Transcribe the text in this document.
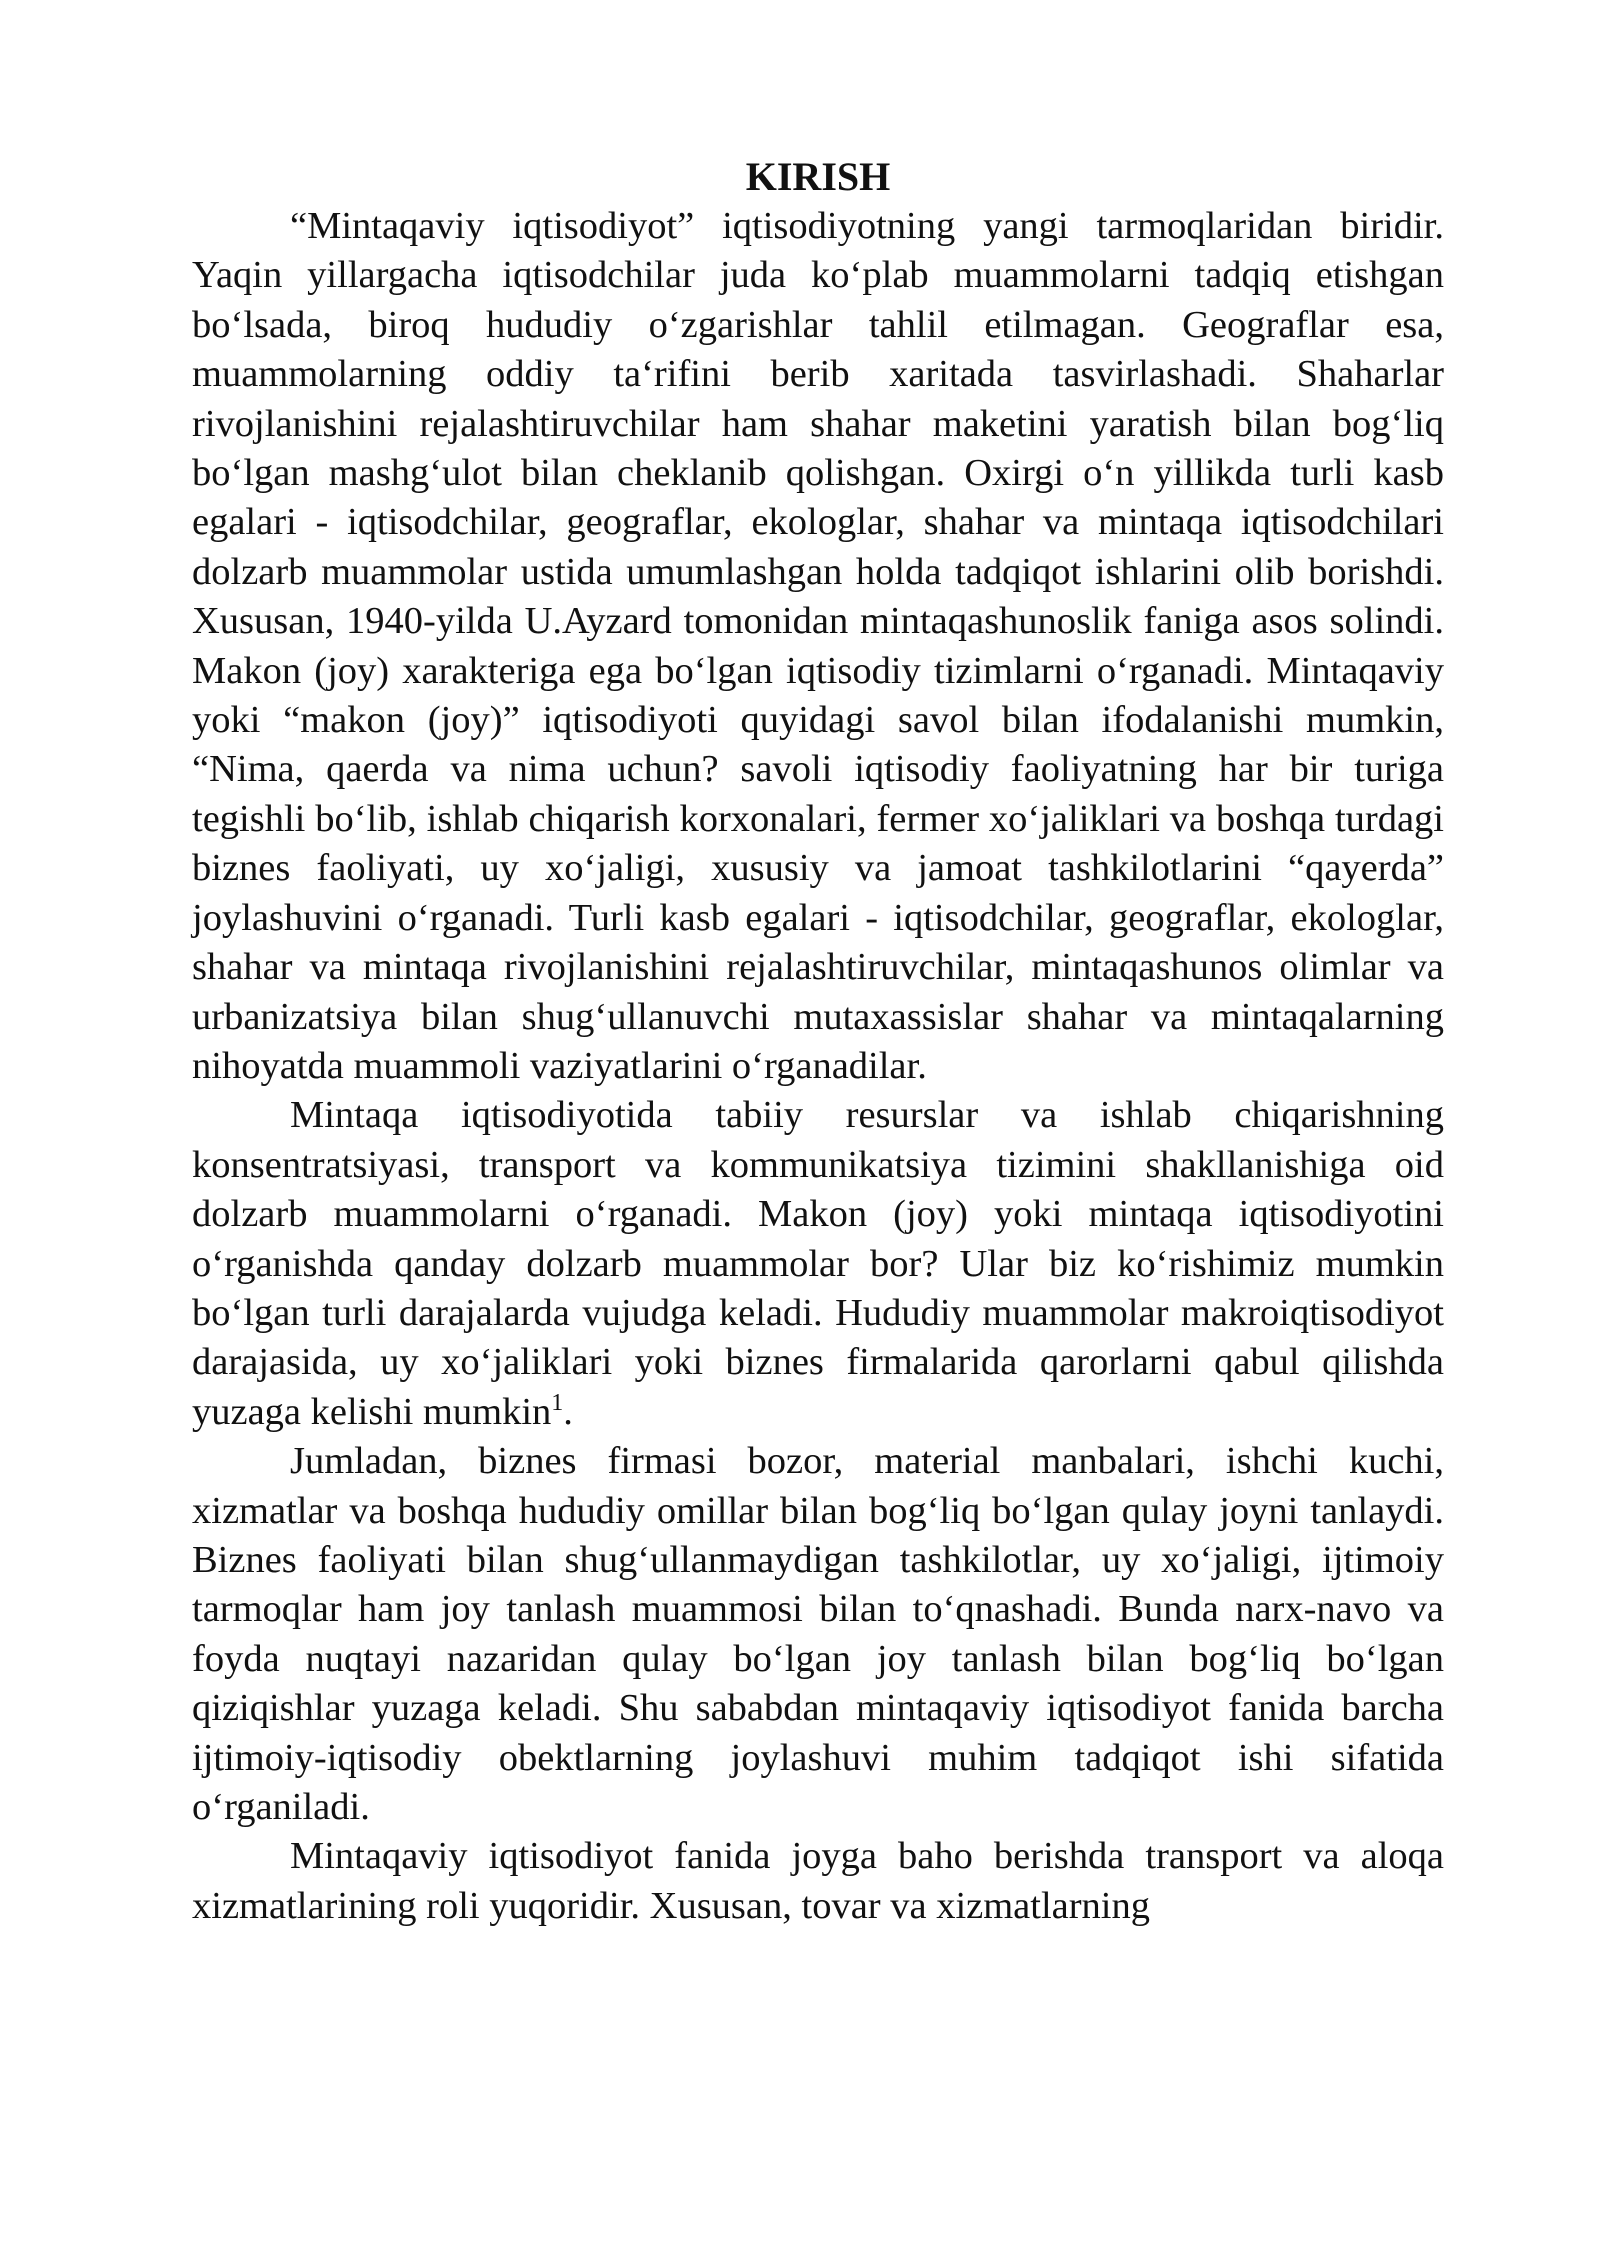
KIRISH

“Mintaqaviy iqtisodiyot” iqtisodiyotning yangi tarmoqlaridan biridir. Yaqin yillargacha iqtisodchilar juda ko‘plab muammolarni tadqiq etishgan bo‘lsada, biroq hududiy o‘zgarishlar tahlil etilmagan. Geograflar esa, muammolarning oddiy ta‘rifini berib xaritada tasvirlashadi. Shaharlar rivojlanishini rejalashtiruvchilar ham shahar maketini yaratish bilan bog‘liq bo‘lgan mashg‘ulot bilan cheklanib qolishgan. Oxirgi o‘n yillikda turli kasb egalari - iqtisodchilar, geograflar, ekologlar, shahar va mintaqa iqtisodchilari dolzarb muammolar ustida umumlashgan holda tadqiqot ishlarini olib borishdi. Xususan, 1940-yilda U.Ayzard tomonidan mintaqashunoslik faniga asos solindi. Makon (joy) xarakteriga ega bo‘lgan iqtisodiy tizimlarni o‘rganadi. Mintaqaviy yoki “makon (joy)” iqtisodiyoti quyidagi savol bilan ifodalanishi mumkin, “Nima, qaerda va nima uchun? savoli iqtisodiy faoliyatning har bir turiga tegishli bo‘lib, ishlab chiqarish korxonalari, fermer xo‘jaliklari va boshqa turdagi biznes faoliyati, uy xo‘jaligi, xususiy va jamoat tashkilotlarini “qayerda” joylashuvini o‘rganadi. Turli kasb egalari - iqtisodchilar, geograflar, ekologlar, shahar va mintaqa rivojlanishini rejalashtiruvchilar, mintaqashunos olimlar va urbanizatsiya bilan shug‘ullanuvchi mutaxassislar shahar va mintaqalarning nihoyatda muammoli vaziyatlarini o‘rganadilar.

Mintaqa iqtisodiyotida tabiiy resurslar va ishlab chiqarishning konsentratsiyasi, transport va kommunikatsiya tizimini shakllanishiga oid dolzarb muammolarni o‘rganadi. Makon (joy) yoki mintaqa iqtisodiyotini o‘rganishda qanday dolzarb muammolar bor? Ular biz ko‘rishimiz mumkin bo‘lgan turli darajalarda vujudga keladi. Hududiy muammolar makroiqtisodiyot darajasida, uy xo‘jaliklari yoki biznes firmalarida qarorlarni qabul qilishda yuzaga kelishi mumkin$^1$.

Jumladan, biznes firmasi bozor, material manbalari, ishchi kuchi, xizmatlar va boshqa hududiy omillar bilan bog‘liq bo‘lgan qulay joyni tanlaydi. Biznes faoliyati bilan shug‘ullanmaydigan tashkilotlar, uy xo‘jaligi, ijtimoiy tarmoqlar ham joy tanlash muammosi bilan to‘qnashadi. Bunda narx-navo va foyda nuqtayi nazaridan qulay bo‘lgan joy tanlash bilan bog‘liq bo‘lgan qiziqishlar yuzaga keladi. Shu sababdan mintaqaviy iqtisodiyot fanida barcha ijtimoiy-iqtisodiy obektlarning joylashuvi muhim tadqiqot ishi sifatida o‘rganiladi.

Mintaqaviy iqtisodiyot fanida joyga baho berishda transport va aloqa xizmatlarining roli yuqoridir. Xususan, tovar va xizmatlarning
